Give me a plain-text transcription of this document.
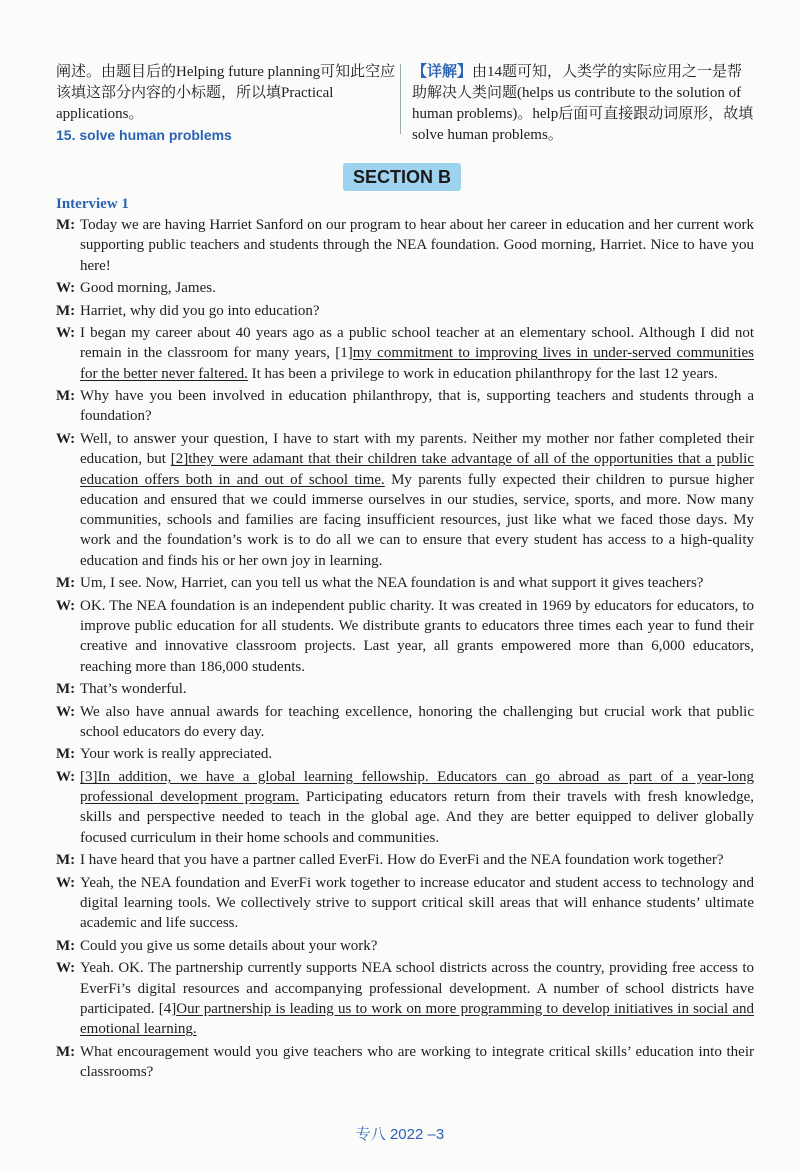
阐述。由题目后的Helping future planning可知此空应该填这部分内容的小标题，所以填Practical applications。
15. solve human problems
【详解】由14题可知，人类学的实际应用之一是帮助解决人类问题(helps us contribute to the solution of human problems)。help后面可直接跟动词原形，故填solve human problems。
SECTION B
Interview 1
M: Today we are having Harriet Sanford on our program to hear about her career in education and her current work supporting public teachers and students through the NEA foundation. Good morning, Harriet. Nice to have you here!
W: Good morning, James.
M: Harriet, why did you go into education?
W: I began my career about 40 years ago as a public school teacher at an elementary school. Although I did not remain in the classroom for many years, [1]my commitment to improving lives in under-served communities for the better never faltered. It has been a privilege to work in education philanthropy for the last 12 years.
M: Why have you been involved in education philanthropy, that is, supporting teachers and students through a foundation?
W: Well, to answer your question, I have to start with my parents. Neither my mother nor father completed their education, but [2]they were adamant that their children take advantage of all of the opportunities that a public education offers both in and out of school time. My parents fully expected their children to pursue higher education and ensured that we could immerse ourselves in our studies, service, sports, and more. Now many communities, schools and families are facing insufficient resources, just like what we faced those days. My work and the foundation’s work is to do all we can to ensure that every student has access to a high-quality education and finds his or her own joy in learning.
M: Um, I see. Now, Harriet, can you tell us what the NEA foundation is and what support it gives teachers?
W: OK. The NEA foundation is an independent public charity. It was created in 1969 by educators for educators, to improve public education for all students. We distribute grants to educators three times each year to fund their creative and innovative classroom projects. Last year, all grants empowered more than 6,000 educators, reaching more than 186,000 students.
M: That’s wonderful.
W: We also have annual awards for teaching excellence, honoring the challenging but crucial work that public school educators do every day.
M: Your work is really appreciated.
W: [3]In addition, we have a global learning fellowship. Educators can go abroad as part of a year-long professional development program. Participating educators return from their travels with fresh knowledge, skills and perspective needed to teach in the global age. And they are better equipped to deliver globally focused curriculum in their home schools and communities.
M: I have heard that you have a partner called EverFi. How do EverFi and the NEA foundation work together?
W: Yeah, the NEA foundation and EverFi work together to increase educator and student access to technology and digital learning tools. We collectively strive to support critical skill areas that will enhance students’ ultimate academic and life success.
M: Could you give us some details about your work?
W: Yeah. OK. The partnership currently supports NEA school districts across the country, providing free access to EverFi’s digital resources and accompanying professional development. A number of school districts have participated. [4]Our partnership is leading us to work on more programming to develop initiatives in social and emotional learning.
M: What encouragement would you give teachers who are working to integrate critical skills’ education into their classrooms?
专八 2022 –3
